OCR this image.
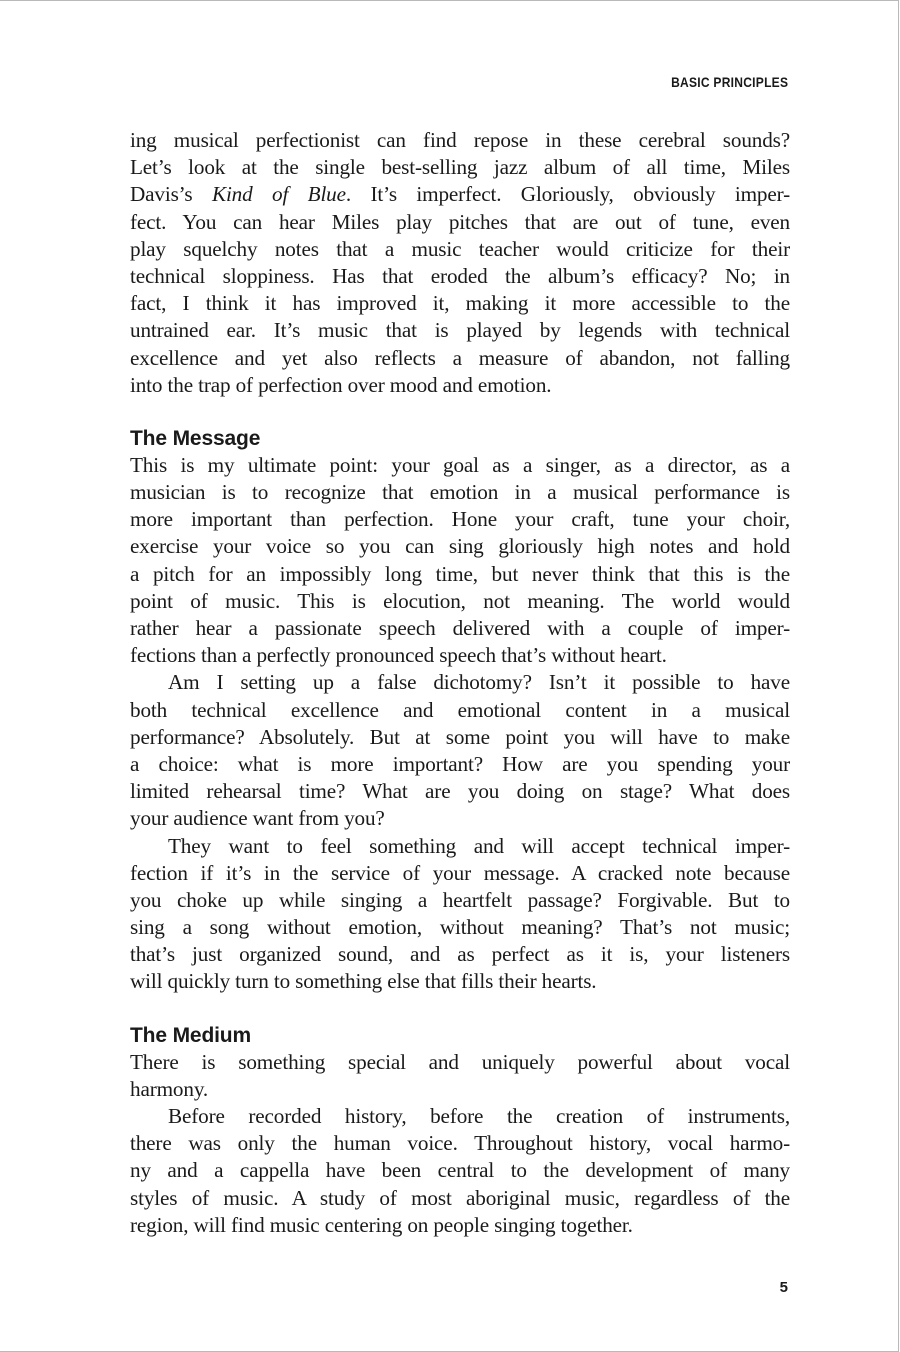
BASIC PRINCIPLES
ing musical perfectionist can find repose in these cerebral sounds?
Let’s look at the single best-selling jazz album of all time, Miles
Davis’s Kind of Blue. It’s imperfect. Gloriously, obviously imper-
fect. You can hear Miles play pitches that are out of tune, even
play squelchy notes that a music teacher would criticize for their
technical sloppiness. Has that eroded the album’s efficacy? No; in
fact, I think it has improved it, making it more accessible to the
untrained ear. It’s music that is played by legends with technical
excellence and yet also reflects a measure of abandon, not falling
into the trap of perfection over mood and emotion.
The Message
This is my ultimate point: your goal as a singer, as a director, as a
musician is to recognize that emotion in a musical performance is
more important than perfection. Hone your craft, tune your choir,
exercise your voice so you can sing gloriously high notes and hold
a pitch for an impossibly long time, but never think that this is the
point of music. This is elocution, not meaning. The world would
rather hear a passionate speech delivered with a couple of imper-
fections than a perfectly pronounced speech that’s without heart.
Am I setting up a false dichotomy? Isn’t it possible to have
both technical excellence and emotional content in a musical
performance? Absolutely. But at some point you will have to make
a choice: what is more important? How are you spending your
limited rehearsal time? What are you doing on stage? What does
your audience want from you?
They want to feel something and will accept technical imper-
fection if it’s in the service of your message. A cracked note because
you choke up while singing a heartfelt passage? Forgivable. But to
sing a song without emotion, without meaning? That’s not music;
that’s just organized sound, and as perfect as it is, your listeners
will quickly turn to something else that fills their hearts.
The Medium
There is something special and uniquely powerful about vocal
harmony.
Before recorded history, before the creation of instruments,
there was only the human voice. Throughout history, vocal harmo-
ny and a cappella have been central to the development of many
styles of music. A study of most aboriginal music, regardless of the
region, will find music centering on people singing together.
5
